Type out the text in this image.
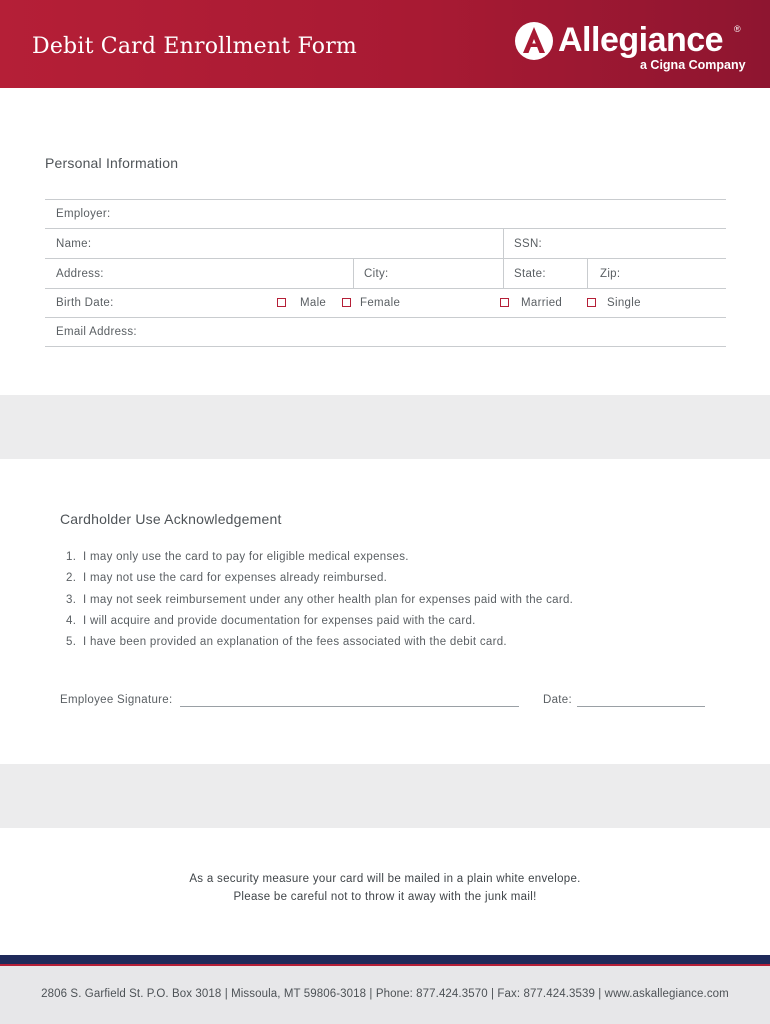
Debit Card Enrollment Form	Allegiance ®
a Cigna Company
Personal Information
Employer:
Name:	SSN:
Address:	City:	State:	Zip:
Birth Date:	Male	Female	Married	Single
Email Address:
Cardholder Use Acknowledgement
1. I may only use the card to pay for eligible medical expenses.
2. I may not use the card for expenses already reimbursed.
3. I may not seek reimbursement under any other health plan for expenses paid with the card.
4. I will acquire and provide documentation for expenses paid with the card.
5. I have been provided an explanation of the fees associated with the debit card.
Employee Signature:	Date:
As a security measure your card will be mailed in a plain white envelope.
Please be careful not to throw it away with the junk mail!
2806 S. Garfield St. P.O. Box 3018 | Missoula, MT 59806-3018 | Phone: 877.424.3570 | Fax: 877.424.3539 | www.askallegiance.com
